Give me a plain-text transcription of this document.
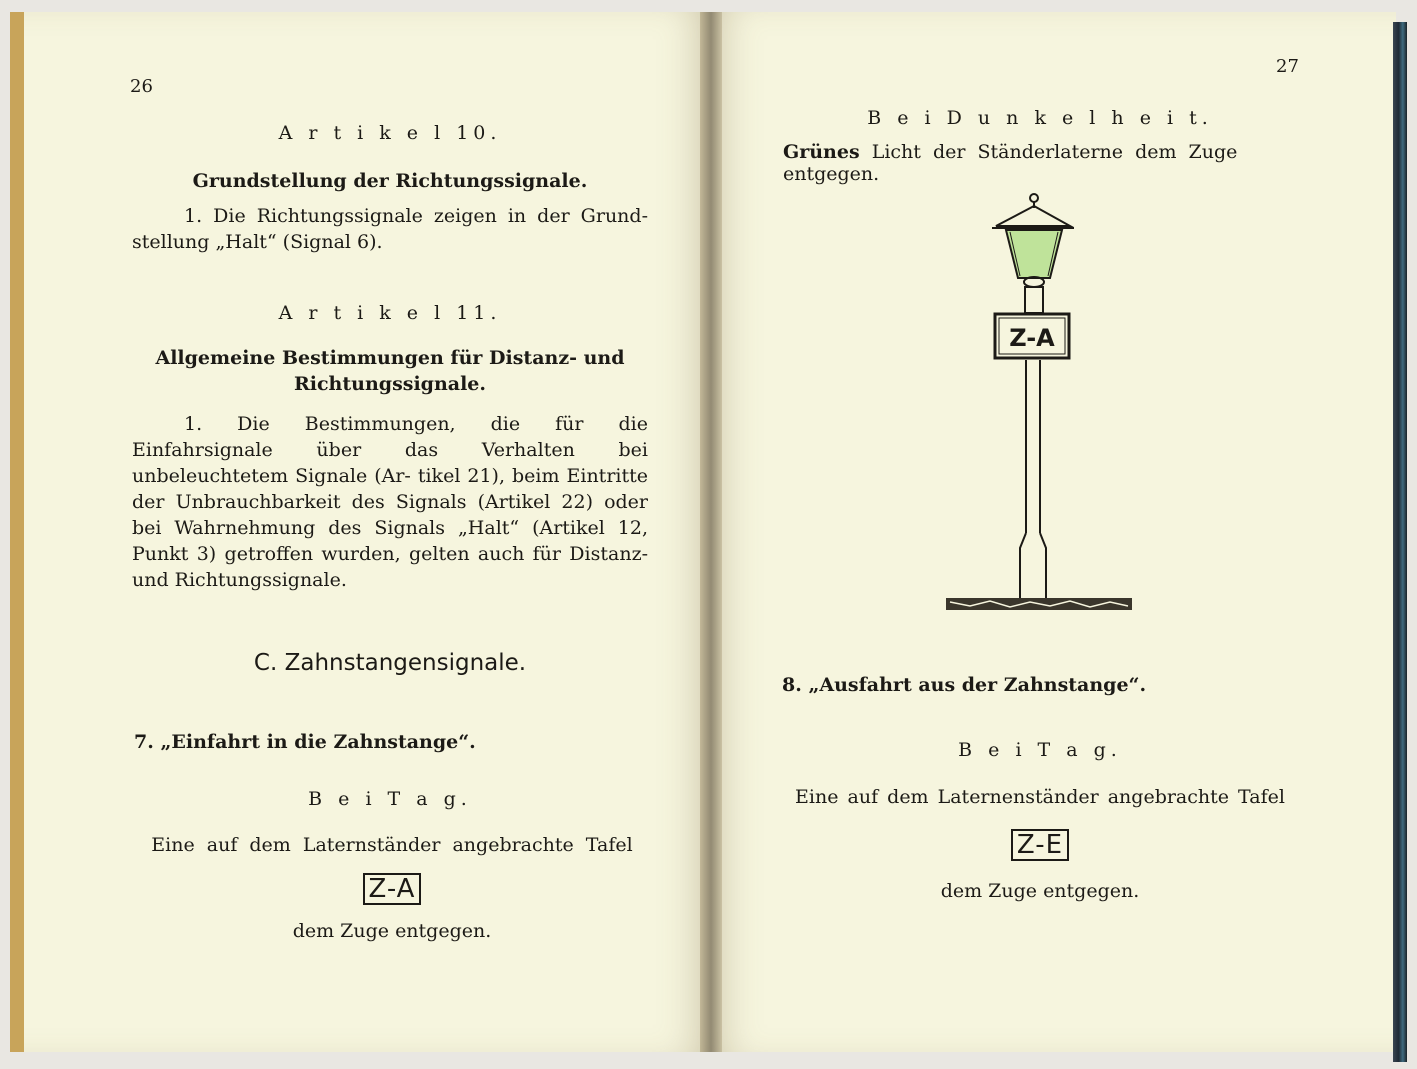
26
A r t i k e l 10.
Grundstellung der Richtungssignale.
1. Die Richtungssignale zeigen in der Grund- stellung „Halt“ (Signal 6).
A r t i k e l 11.
Allgemeine Bestimmungen für Distanz- und
Richtungssignale.
1. Die Bestimmungen, die für die Einfahrsignale über das Verhalten bei unbeleuchtetem Signale (Ar- tikel 21), beim Eintritte der Unbrauchbarkeit des Signals (Artikel 22) oder bei Wahrnehmung des Signals „Halt“ (Artikel 12, Punkt 3) getroffen wurden, gelten auch für Distanz- und Richtungssignale.
C. Zahnstangensignale.
7. „Einfahrt in die Zahnstange“.
B e i T a g.
Eine auf dem Laternständer angebrachte Tafel
Z-A
dem Zuge entgegen.
27
B e i D u n k e l h e i t.
Grünes Licht der Ständerlaterne dem Zuge entgegen.
Z-A
8. „Ausfahrt aus der Zahnstange“.
B e i T a g.
Eine auf dem Laternenständer angebrachte Tafel
Z-E
dem Zuge entgegen.
